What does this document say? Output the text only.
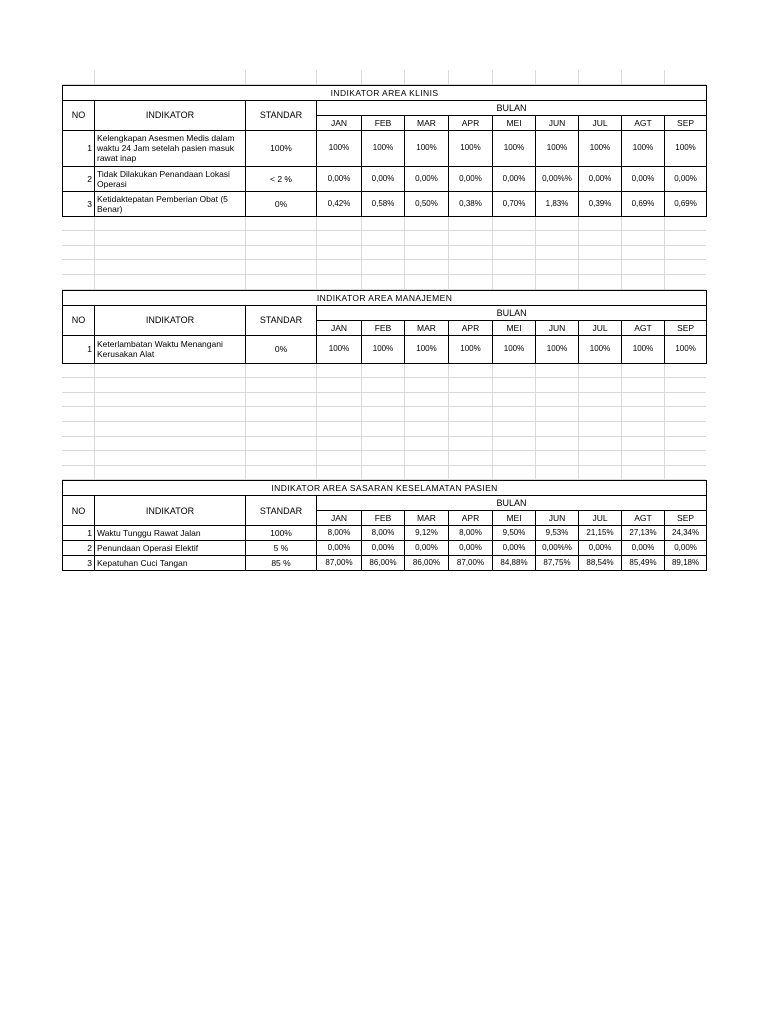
INDIKATOR AREA KLINIS											
NO	INDIKATOR	STANDAR	BULAN								
			JAN	FEB	MAR	APR	MEI	JUN	JUL	AGT	SEP
1	Kelengkapan Asesmen Medis dalam waktu 24 Jam setelah pasien masuk rawat inap	100%	100%	100%	100%	100%	100%	100%	100%	100%	100%
2	Tidak Dilakukan Penandaan Lokasi Operasi	< 2 %	0,00%	0,00%	0,00%	0,00%	0,00%	0,00%%	0,00%	0,00%	0,00%
3	Ketidaktepatan Pemberian Obat (5 Benar)	0%	0,42%	0,58%	0,50%	0,38%	0,70%	1,83%	0,39%	0,69%	0,69%
INDIKATOR AREA MANAJEMEN											
NO	INDIKATOR	STANDAR	BULAN								
			JAN	FEB	MAR	APR	MEI	JUN	JUL	AGT	SEP
1	Keterlambatan Waktu Menangani Kerusakan Alat	0%	100%	100%	100%	100%	100%	100%	100%	100%	100%
INDIKATOR AREA SASARAN KESELAMATAN PASIEN											
NO	INDIKATOR	STANDAR	BULAN								
			JAN	FEB	MAR	APR	MEI	JUN	JUL	AGT	SEP
1	Waktu Tunggu Rawat Jalan	100%	8,00%	8,00%	9,12%	8,00%	9,50%	9,53%	21,15%	27,13%	24,34%
2	Penundaan Operasi Elektif	5 %	0,00%	0,00%	0,00%	0,00%	0,00%	0,00%%	0,00%	0,00%	0,00%
3	Kepatuhan Cuci Tangan	85 %	87,00%	86,00%	86,00%	87,00%	84,88%	87,75%	88,54%	85,49%	89,18%
